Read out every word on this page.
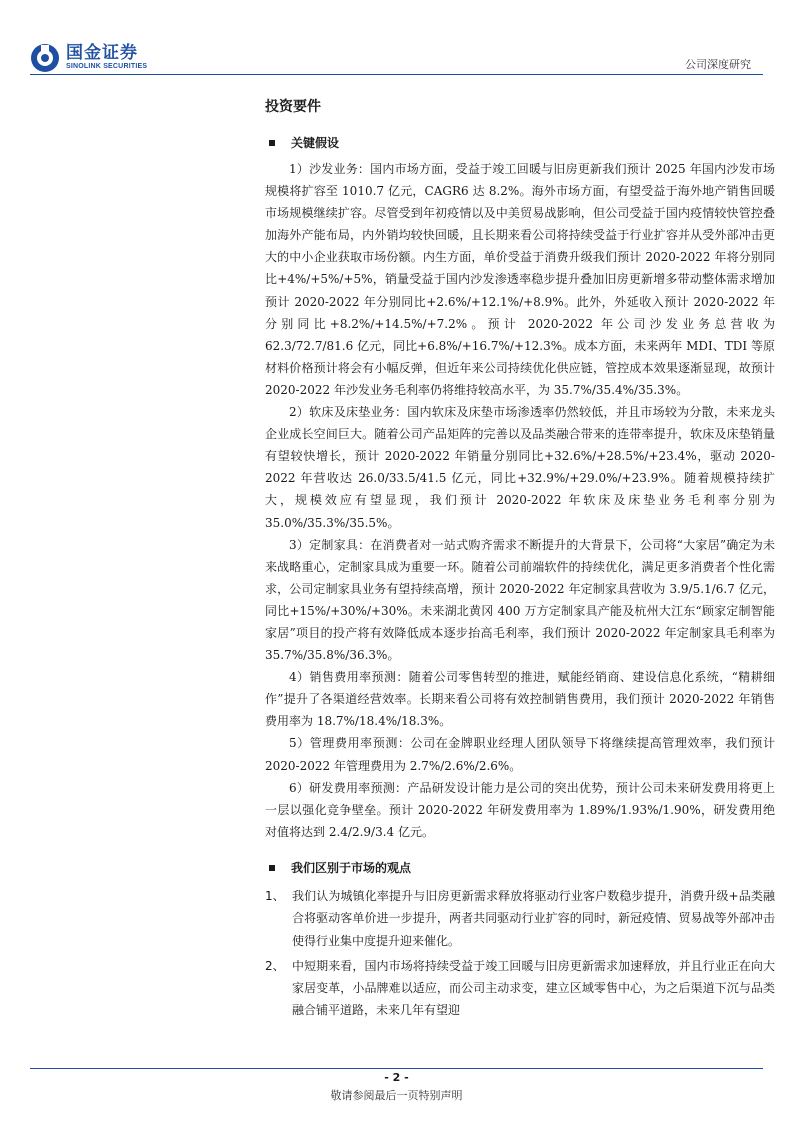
国金证券
SINOLINK SECURITIES	公司深度研究
投资要件
关键假设

1）沙发业务：国内市场方面，受益于竣工回暖与旧房更新我们预计 2025 年国内沙发市场规模将扩容至 1010.7 亿元，CAGR6 达 8.2%。海外市场方面，有望受益于海外地产销售回暖市场规模继续扩容。尽管受到年初疫情以及中美贸易战影响，但公司受益于国内疫情较快管控叠加海外产能布局，内外销均较快回暖，且长期来看公司将持续受益于行业扩容并从受外部冲击更大的中小企业获取市场份额。内生方面，单价受益于消费升级我们预计 2020-2022 年将分别同比+4%/+5%/+5%，销量受益于国内沙发渗透率稳步提升叠加旧房更新增多带动整体需求增加预计 2020-2022 年分别同比+2.6%/+12.1%/+8.9%。此外，外延收入预计 2020-2022 年分别同比+8.2%/+14.5%/+7.2%。预计 2020-2022 年公司沙发业务总营收为 62.3/72.7/81.6 亿元，同比+6.8%/+16.7%/+12.3%。成本方面，未来两年 MDI、TDI 等原材料价格预计将会有小幅反弹，但近年来公司持续优化供应链，管控成本效果逐渐显现，故预计 2020-2022 年沙发业务毛利率仍将维持较高水平，为 35.7%/35.4%/35.3%。

2）软床及床垫业务：国内软床及床垫市场渗透率仍然较低，并且市场较为分散，未来龙头企业成长空间巨大。随着公司产品矩阵的完善以及品类融合带来的连带率提升，软床及床垫销量有望较快增长，预计 2020-2022 年销量分别同比+32.6%/+28.5%/+23.4%，驱动 2020-2022 年营收达 26.0/33.5/41.5 亿元，同比+32.9%/+29.0%/+23.9%。随着规模持续扩大，规模效应有望显现，我们预计 2020-2022 年软床及床垫业务毛利率分别为 35.0%/35.3%/35.5%。

3）定制家具：在消费者对一站式购齐需求不断提升的大背景下，公司将“大家居”确定为未来战略重心，定制家具成为重要一环。随着公司前端软件的持续优化，满足更多消费者个性化需求，公司定制家具业务有望持续高增，预计 2020-2022 年定制家具营收为 3.9/5.1/6.7 亿元，同比+15%/+30%/+30%。未来湖北黄冈 400 万方定制家具产能及杭州大江东“顾家定制智能家居”项目的投产将有效降低成本逐步抬高毛利率，我们预计 2020-2022 年定制家具毛利率为 35.7%/35.8%/36.3%。

4）销售费用率预测：随着公司零售转型的推进，赋能经销商、建设信息化系统，“精耕细作”提升了各渠道经营效率。长期来看公司将有效控制销售费用，我们预计 2020-2022 年销售费用率为 18.7%/18.4%/18.3%。

5）管理费用率预测：公司在金牌职业经理人团队领导下将继续提高管理效率，我们预计 2020-2022 年管理费用为 2.7%/2.6%/2.6%。

6）研发费用率预测：产品研发设计能力是公司的突出优势，预计公司未来研发费用将更上一层以强化竞争壁垒。预计 2020-2022 年研发费用率为 1.89%/1.93%/1.90%，研发费用绝对值将达到 2.4/2.9/3.4 亿元。

我们区别于市场的观点
1、 我们认为城镇化率提升与旧房更新需求释放将驱动行业客户数稳步提升，消费升级+品类融合将驱动客单价进一步提升，两者共同驱动行业扩容的同时，新冠疫情、贸易战等外部冲击使得行业集中度提升迎来催化。
2、 中短期来看，国内市场将持续受益于竣工回暖与旧房更新需求加速释放，并且行业正在向大家居变革，小品牌难以适应，而公司主动求变，建立区域零售中心，为之后渠道下沉与品类融合铺平道路，未来几年有望迎
- 2 -
敬请参阅最后一页特别声明
